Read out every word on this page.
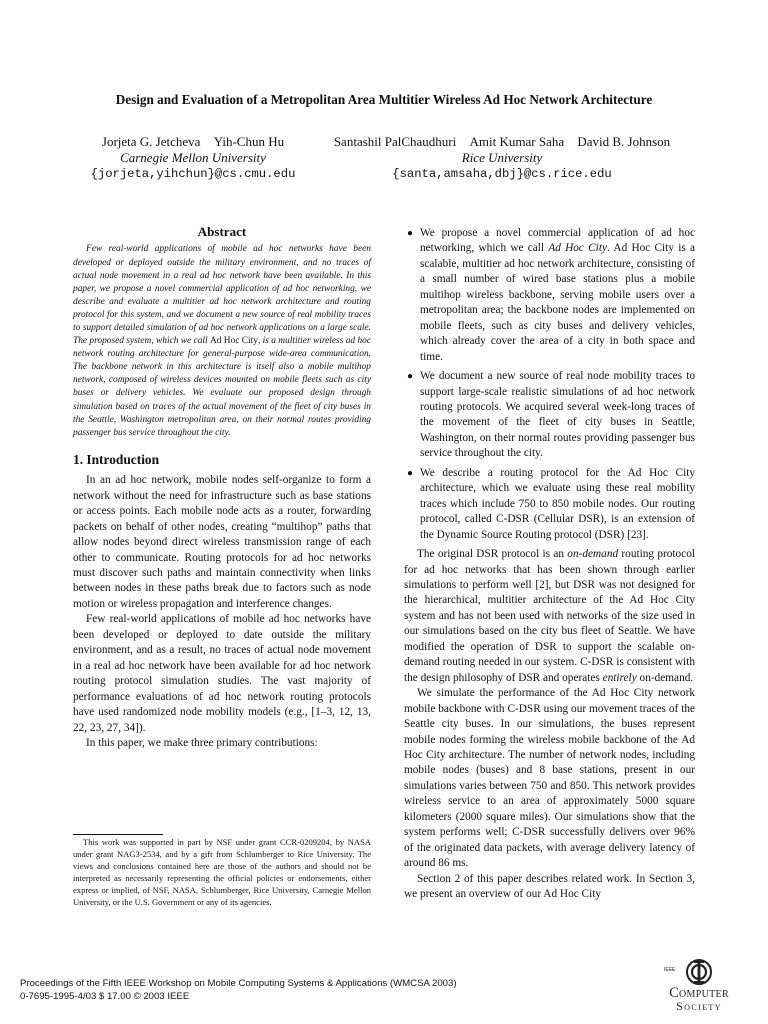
Design and Evaluation of a Metropolitan Area Multitier Wireless Ad Hoc Network Architecture
Jorjeta G. Jetcheva Yih-Chun Hu
Carnegie Mellon University
{jorjeta,yihchun}@cs.cmu.edu
Santashil PalChaudhuri Amit Kumar Saha David B. Johnson
Rice University
{santa,amsaha,dbj}@cs.rice.edu
Abstract
Few real-world applications of mobile ad hoc networks have been developed or deployed outside the military environment, and no traces of actual node movement in a real ad hoc network have been available. In this paper, we propose a novel commercial application of ad hoc networking, we describe and evaluate a multitier ad hoc network architecture and routing protocol for this system, and we document a new source of real mobility traces to support detailed simulation of ad hoc network applications on a large scale. The proposed system, which we call Ad Hoc City, is a multitier wireless ad hoc network routing architecture for general-purpose wide-area communication. The backbone network in this architecture is itself also a mobile multihop network, composed of wireless devices mounted on mobile fleets such as city buses or delivery vehicles. We evaluate our proposed design through simulation based on traces of the actual movement of the fleet of city buses in the Seattle, Washington metropolitan area, on their normal routes providing passenger bus service throughout the city.
1. Introduction

In an ad hoc network, mobile nodes self-organize to form a network without the need for infrastructure such as base stations or access points. Each mobile node acts as a router, forwarding packets on behalf of other nodes, creating “multihop” paths that allow nodes beyond direct wireless transmission range of each other to communicate. Routing protocols for ad hoc networks must discover such paths and maintain connectivity when links between nodes in these paths break due to factors such as node motion or wireless propagation and interference changes.

Few real-world applications of mobile ad hoc networks have been developed or deployed to date outside the military environment, and as a result, no traces of actual node movement in a real ad hoc network have been available for ad hoc network routing protocol simulation studies. The vast majority of performance evaluations of ad hoc network routing protocols have used randomized node mobility models (e.g., [1–3, 12, 13, 22, 23, 27, 34]).

In this paper, we make three primary contributions:

This work was supported in part by NSF under grant CCR-0209204, by NASA under grant NAG3-2534, and by a gift from Schlumberger to Rice University. The views and conclusions contained here are those of the authors and should not be interpreted as necessarily representing the official policies or endorsements, either express or implied, of NSF, NASA, Schlumberger, Rice University, Carnegie Mellon University, or the U.S. Government or any of its agencies.
● We propose a novel commercial application of ad hoc networking, which we call Ad Hoc City. Ad Hoc City is a scalable, multitier ad hoc network architecture, consisting of a small number of wired base stations plus a mobile multihop wireless backbone, serving mobile users over a metropolitan area; the backbone nodes are implemented on mobile fleets, such as city buses and delivery vehicles, which already cover the area of a city in both space and time.
● We document a new source of real node mobility traces to support large-scale realistic simulations of ad hoc network routing protocols. We acquired several week-long traces of the movement of the fleet of city buses in Seattle, Washington, on their normal routes providing passenger bus service throughout the city.
● We describe a routing protocol for the Ad Hoc City architecture, which we evaluate using these real mobility traces which include 750 to 850 mobile nodes. Our routing protocol, called C-DSR (Cellular DSR), is an extension of the Dynamic Source Routing protocol (DSR) [23].

The original DSR protocol is an on-demand routing protocol for ad hoc networks that has been shown through earlier simulations to perform well [2], but DSR was not designed for the hierarchical, multitier architecture of the Ad Hoc City system and has not been used with networks of the size used in our simulations based on the city bus fleet of Seattle. We have modified the operation of DSR to support the scalable on-demand routing needed in our system. C-DSR is consistent with the design philosophy of DSR and operates entirely on-demand.

We simulate the performance of the Ad Hoc City network mobile backbone with C-DSR using our movement traces of the Seattle city buses. In our simulations, the buses represent mobile nodes forming the wireless mobile backbone of the Ad Hoc City architecture. The number of network nodes, including mobile nodes (buses) and 8 base stations, present in our simulations varies between 750 and 850. This network provides wireless service to an area of approximately 5000 square kilometers (2000 square miles). Our simulations show that the system performs well; C-DSR successfully delivers over 96% of the originated data packets, with average delivery latency of around 86 ms.

Section 2 of this paper describes related work. In Section 3, we present an overview of our Ad Hoc City

Proceedings of the Fifth IEEE Workshop on Mobile Computing Systems & Applications (WMCSA 2003)
0-7695-1995-4/03 $ 17.00 © 2003 IEEE
IEEE
Computer
Society
